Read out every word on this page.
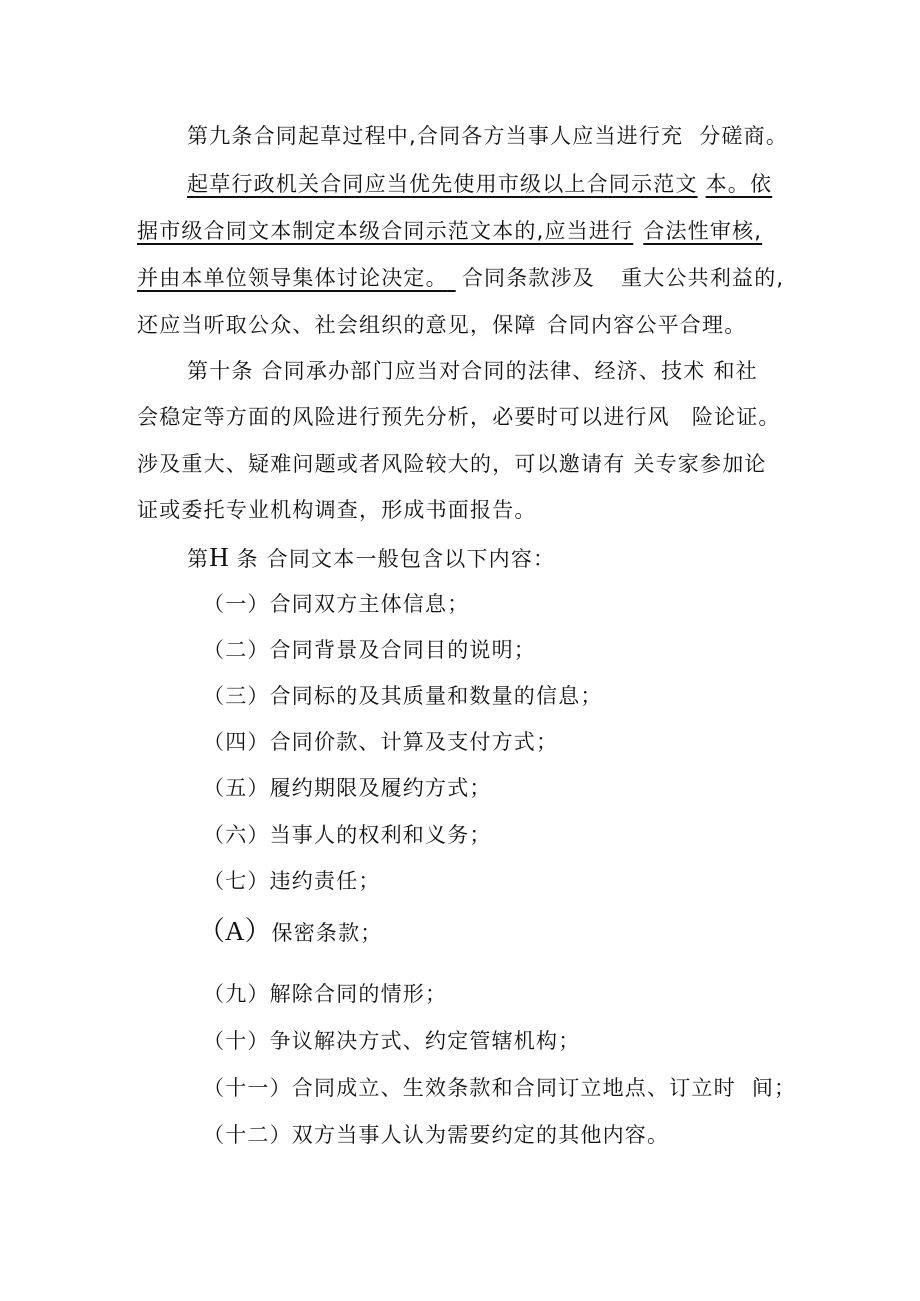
第九条合同起草过程中,合同各方当事人应当进行充 分磋商。
起草行政机关合同应当优先使用市级以上合同示范文 本。依
据市级合同文本制定本级合同示范文本的,应当进行 合法性审核,
并由本单位领导集体讨论决定。 合同条款涉及 重大公共利益的,
还应当听取公众、社会组织的意见，保障 合同内容公平合理。
第十条 合同承办部门应当对合同的法律、经济、技术 和社
会稳定等方面的风险进行预先分析，必要时可以进行风 险论证。
涉及重大、疑难问题或者风险较大的，可以邀请有 关专家参加论
证或委托专业机构调查，形成书面报告。
第H 条 合同文本一般包含以下内容：
（一）合同双方主体信息；
（二）合同背景及合同目的说明；
（三）合同标的及其质量和数量的信息；
（四）合同价款、计算及支付方式；
（五）履约期限及履约方式；
（六）当事人的权利和义务；
（七）违约责任；
（A）保密条款；
（九）解除合同的情形；
（十）争议解决方式、约定管辖机构；
（十一）合同成立、生效条款和合同订立地点、订立时 间；
（十二）双方当事人认为需要约定的其他内容。
